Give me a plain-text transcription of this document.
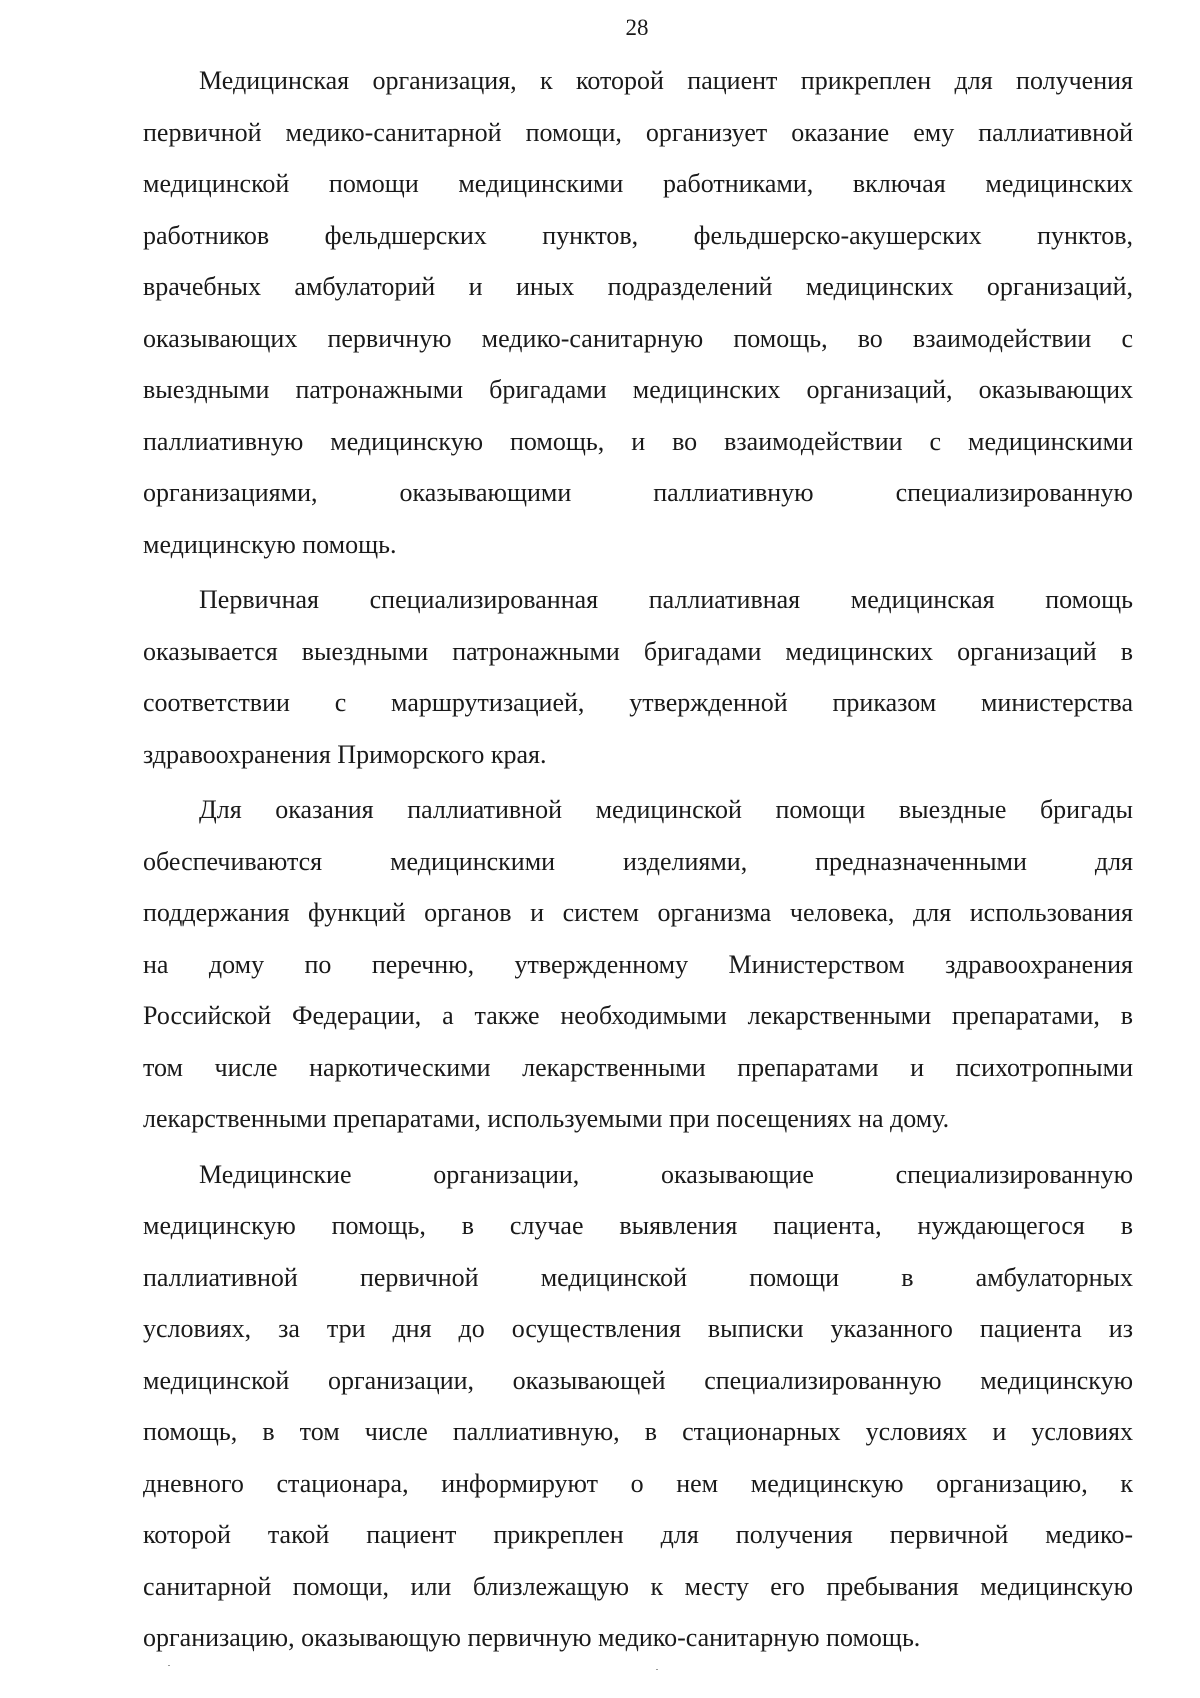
28

Медицинская организация, к которой пациент прикреплен для получения
первичной медико-санитарной помощи, организует оказание ему паллиативной
медицинской помощи медицинскими работниками, включая медицинских
работников фельдшерских пунктов, фельдшерско-акушерских пунктов,
врачебных амбулаторий и иных подразделений медицинских организаций,
оказывающих первичную медико-санитарную помощь, во взаимодействии с
выездными патронажными бригадами медицинских организаций, оказывающих
паллиативную медицинскую помощь, и во взаимодействии с медицинскими
организациями, оказывающими паллиативную специализированную
медицинскую помощь.

Первичная специализированная паллиативная медицинская помощь
оказывается выездными патронажными бригадами медицинских организаций в
соответствии с маршрутизацией, утвержденной приказом министерства
здравоохранения Приморского края.

Для оказания паллиативной медицинской помощи выездные бригады
обеспечиваются медицинскими изделиями, предназначенными для
поддержания функций органов и систем организма человека, для использования
на дому по перечню, утвержденному Министерством здравоохранения
Российской Федерации, а также необходимыми лекарственными препаратами, в
том числе наркотическими лекарственными препаратами и психотропными
лекарственными препаратами, используемыми при посещениях на дому.

Медицинские организации, оказывающие специализированную
медицинскую помощь, в случае выявления пациента, нуждающегося в
паллиативной первичной медицинской помощи в амбулаторных
условиях, за три дня до осуществления выписки указанного пациента из
медицинской организации, оказывающей специализированную медицинскую
помощь, в том числе паллиативную, в стационарных условиях и условиях
дневного стационара, информируют о нем медицинскую организацию, к
которой такой пациент прикреплен для получения первичной медико-
санитарной помощи, или близлежащую к месту его пребывания медицинскую
организацию, оказывающую первичную медико-санитарную помощь.
